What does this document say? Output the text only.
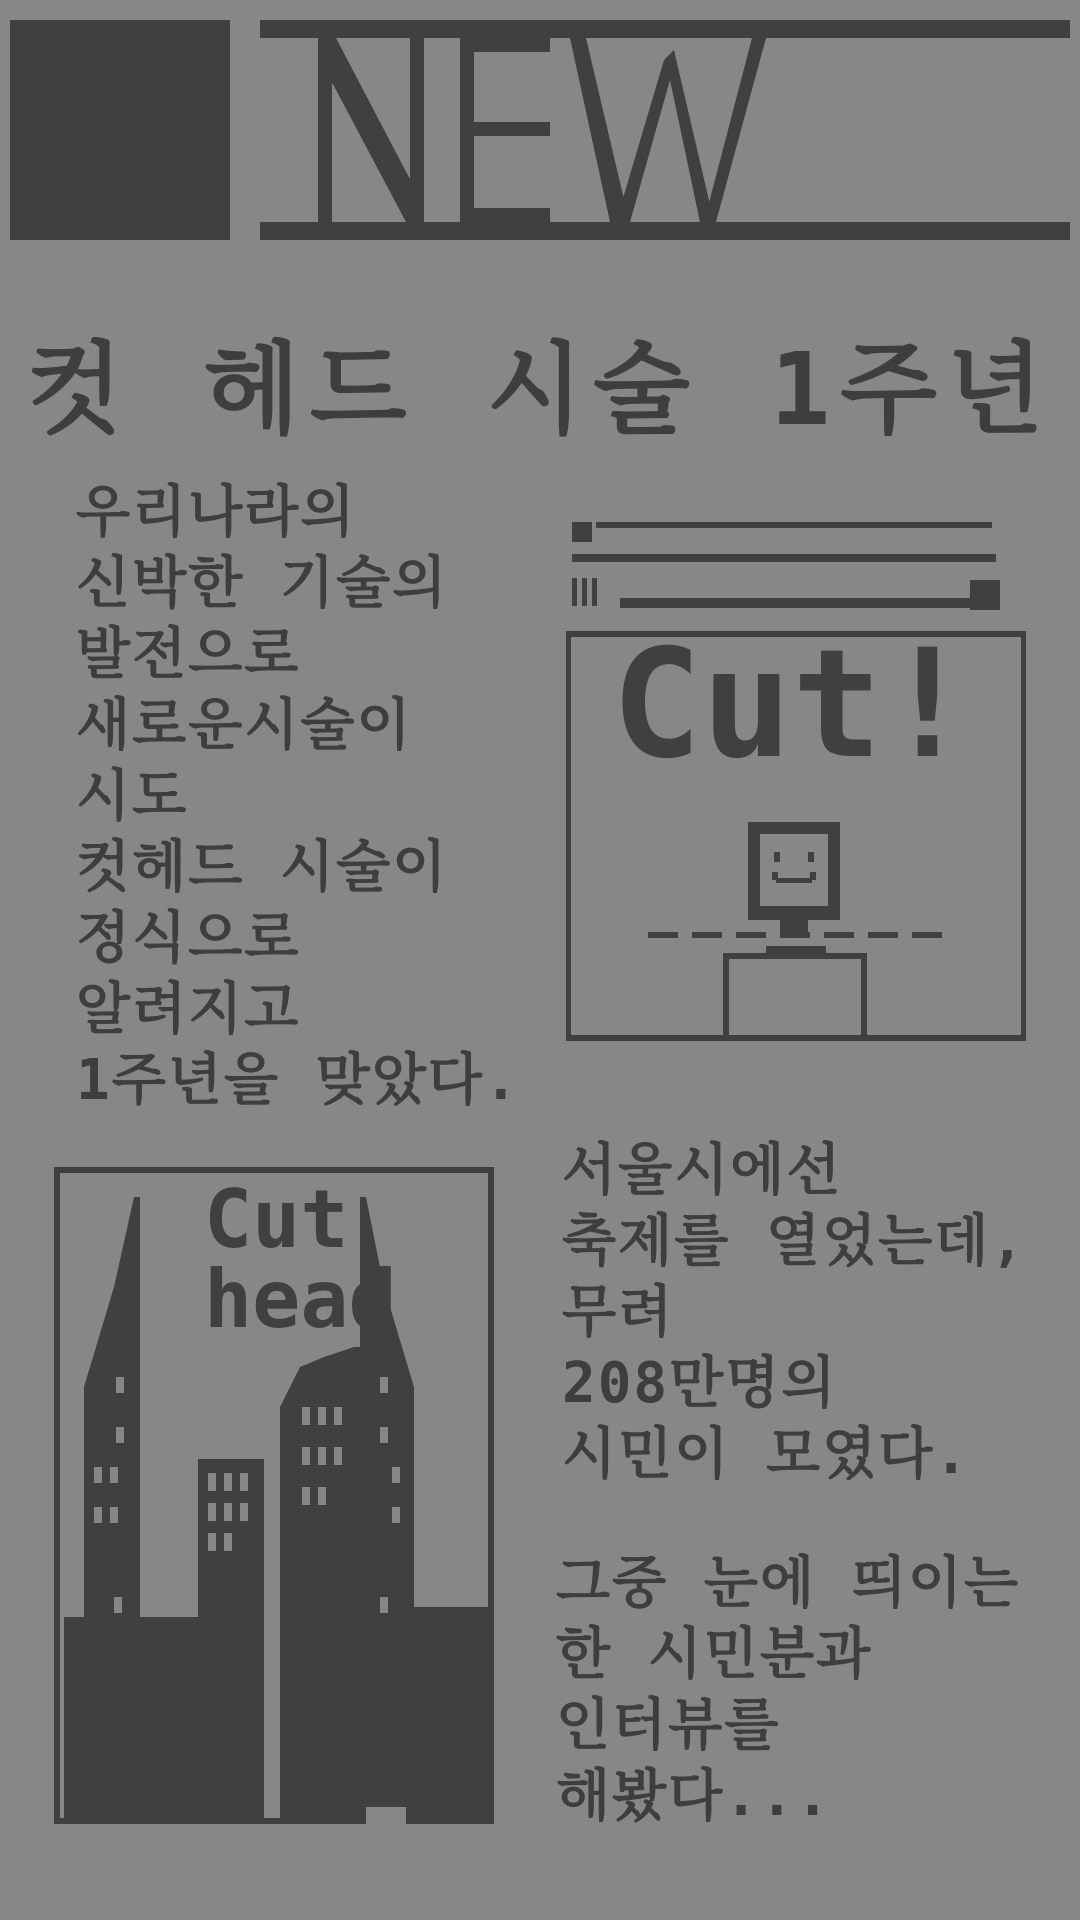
컷 헤드 시술 1주년
우리나라의
신박한 기술의
발전으로
새로운시술이
시도
컷헤드 시술이
정식으로
알려지고
1주년을 맞았다.
Cut!
Cut
head
서울시에선
축제를 열었는데,
무려
208만명의
시민이 모였다.
그중 눈에 띄이는
한 시민분과
인터뷰를
해봤다...
